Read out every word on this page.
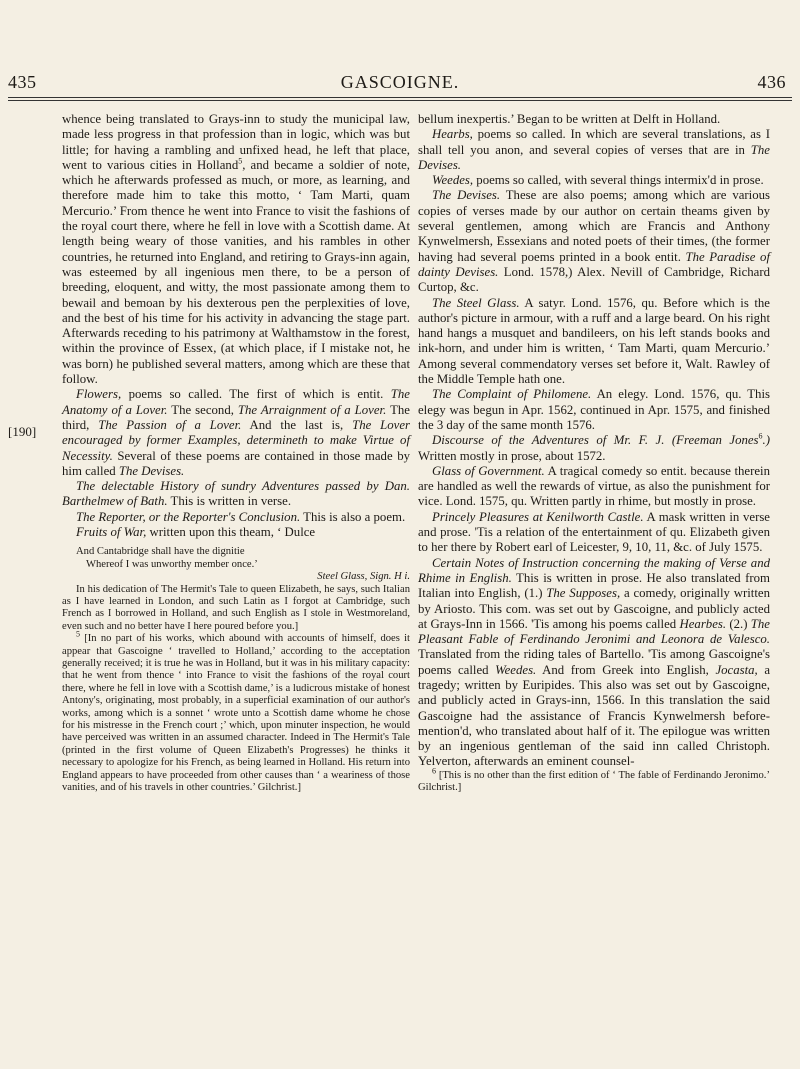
435	GASCOIGNE.	436
[190]

whence being translated to Grays-inn to study the municipal law, made less progress in that profession than in logic, which was but little; for having a rambling and unfixed head, he left that place, went to various cities in Holland$^5$, and became a soldier of note, which he afterwards professed as much, or more, as learning, and therefore made him to take this motto, ‘ Tam Marti, quam Mercurio.’ From thence he went into France to visit the fashions of the royal court there, where he fell in love with a Scottish dame. At length being weary of those vanities, and his rambles in other countries, he returned into England, and retiring to Grays-inn again, was esteemed by all ingenious men there, to be a person of breeding, eloquent, and witty, the most passionate among them to bewail and bemoan by his dexterous pen the perplexities of love, and the best of his time for his activity in advancing the stage part. Afterwards receding to his patrimony at Walthamstow in the forest, within the province of Essex, (at which place, if I mistake not, he was born) he published several matters, among which are these that follow.

Flowers, poems so called. The first of which is entit. The Anatomy of a Lover. The second, The Arraignment of a Lover. The third, The Passion of a Lover. And the last is, The Lover encouraged by former Examples, determineth to make Virtue of Necessity. Several of these poems are contained in those made by him called The Devises.

The delectable History of sundry Adventures passed by Dan. Barthelmew of Bath. This is written in verse.

The Reporter, or the Reporter's Conclusion. This is also a poem.

Fruits of War, written upon this theam, ‘ Dulce

And Cantabridge shall have the dignitie

Whereof I was unworthy member once.’

Steel Glass, Sign. H i.

In his dedication of The Hermit's Tale to queen Elizabeth, he says, such Italian as I have learned in London, and such Latin as I forgot at Cambridge, such French as I borrowed in Holland, and such English as I stole in Westmoreland, even such and no better have I here poured before you.]

$^5$ [In no part of his works, which abound with accounts of himself, does it appear that Gascoigne ‘ travelled to Holland,’ according to the acceptation generally received; it is true he was in Holland, but it was in his military capacity: that he went from thence ‘ into France to visit the fashions of the royal court there, where he fell in love with a Scottish dame,’ is a ludicrous mistake of honest Antony's, originating, most probably, in a superficial examination of our author's works, among which is a sonnet ‘ wrote unto a Scottish dame whome he chose for his mistresse in the French court ;’ which, upon minuter inspection, he would have perceived was written in an assumed character. Indeed in The Hermit's Tale (printed in the first volume of Queen Elizabeth's Progresses) he thinks it necessary to apologize for his French, as being learned in Holland. His return into England appears to have proceeded from other causes than ‘ a weariness of those vanities, and of his travels in other countries.’ Gilchrist.]

bellum inexpertis.’ Began to be written at Delft in Holland.

Hearbs, poems so called. In which are several translations, as I shall tell you anon, and several copies of verses that are in The Devises.

Weedes, poems so called, with several things intermix'd in prose.

The Devises. These are also poems; among which are various copies of verses made by our author on certain theams given by several gentlemen, among which are Francis and Anthony Kynwelmersh, Essexians and noted poets of their times, (the former having had several poems printed in a book entit. The Paradise of dainty Devises. Lond. 1578,) Alex. Nevill of Cambridge, Richard Curtop, &c.

The Steel Glass. A satyr. Lond. 1576, qu. Before which is the author's picture in armour, with a ruff and a large beard. On his right hand hangs a musquet and bandileers, on his left stands books and ink-horn, and under him is written, ‘ Tam Marti, quam Mercurio.’ Among several commendatory verses set before it, Walt. Rawley of the Middle Temple hath one.

The Complaint of Philomene. An elegy. Lond. 1576, qu. This elegy was begun in Apr. 1562, continued in Apr. 1575, and finished the 3 day of the same month 1576.

Discourse of the Adventures of Mr. F. J. (Freeman Jones$^6$.) Written mostly in prose, about 1572.

Glass of Government. A tragical comedy so entit. because therein are handled as well the rewards of virtue, as also the punishment for vice. Lond. 1575, qu. Written partly in rhime, but mostly in prose.

Princely Pleasures at Kenilworth Castle. A mask written in verse and prose. 'Tis a relation of the entertainment of qu. Elizabeth given to her there by Robert earl of Leicester, 9, 10, 11, &c. of July 1575.

Certain Notes of Instruction concerning the making of Verse and Rhime in English. This is written in prose. He also translated from Italian into English, (1.) The Supposes, a comedy, originally written by Ariosto. This com. was set out by Gascoigne, and publicly acted at Grays-Inn in 1566. 'Tis among his poems called Hearbes. (2.) The Pleasant Fable of Ferdinando Jeronimi and Leonora de Valesco. Translated from the riding tales of Bartello. 'Tis among Gascoigne's poems called Weedes. And from Greek into English, Jocasta, a tragedy; written by Euripides. This also was set out by Gascoigne, and publicly acted in Grays-inn, 1566. In this translation the said Gascoigne had the assistance of Francis Kynwelmersh before-mention'd, who translated about half of it. The epilogue was written by an ingenious gentleman of the said inn called Christoph. Yelverton, afterwards an eminent counsel-

$^6$ [This is no other than the first edition of ‘ The fable of Ferdinando Jeronimo.’ Gilchrist.]
